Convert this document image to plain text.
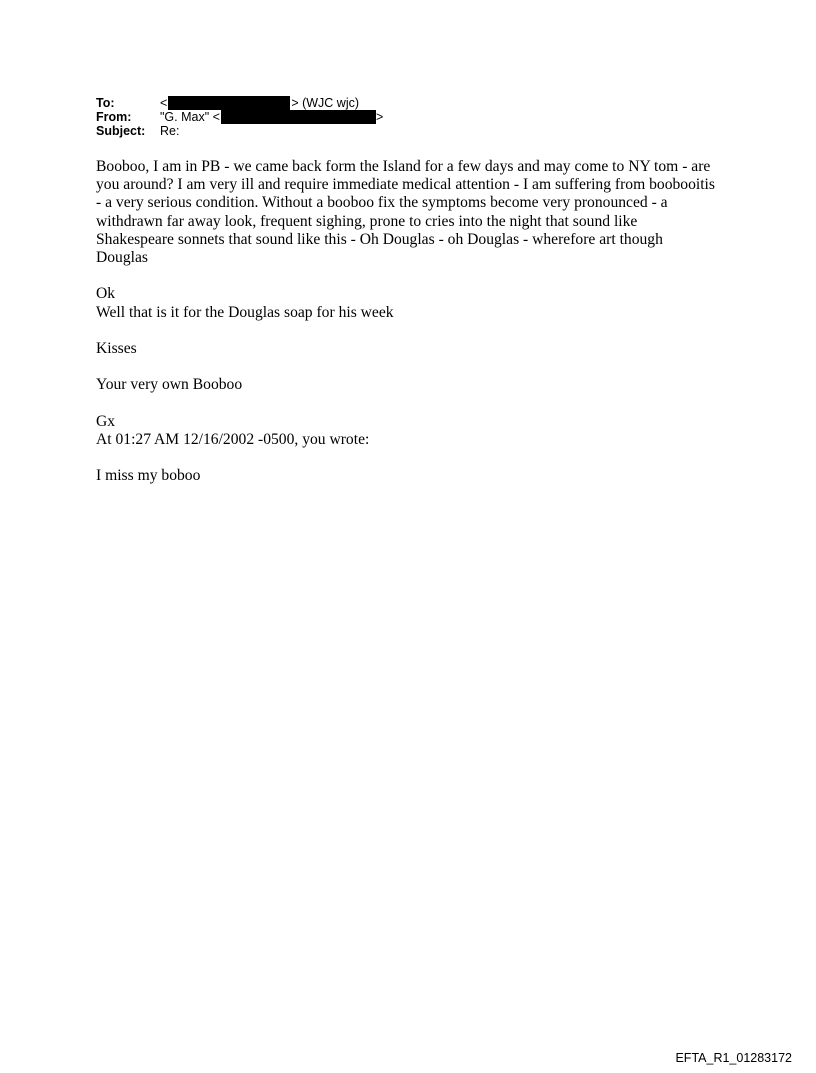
To:	<	> (WJC wjc)
From:	"G. Max" <	>
Subject:	Re:

Booboo, I am in PB - we came back form the Island for a few days and may come to NY tom - are you around? I am very ill and require immediate medical attention - I am suffering from boobooitis - a very serious condition. Without a booboo fix the symptoms become very pronounced - a withdrawn far away look, frequent sighing, prone to cries into the night that sound like Shakespeare sonnets that sound like this - Oh Douglas - oh Douglas - wherefore art though Douglas

Ok

Well that is it for the Douglas soap for his week

Kisses

Your very own Booboo

Gx

At 01:27 AM 12/16/2002 -0500, you wrote:

I miss my boboo

EFTA_R1_01283172
